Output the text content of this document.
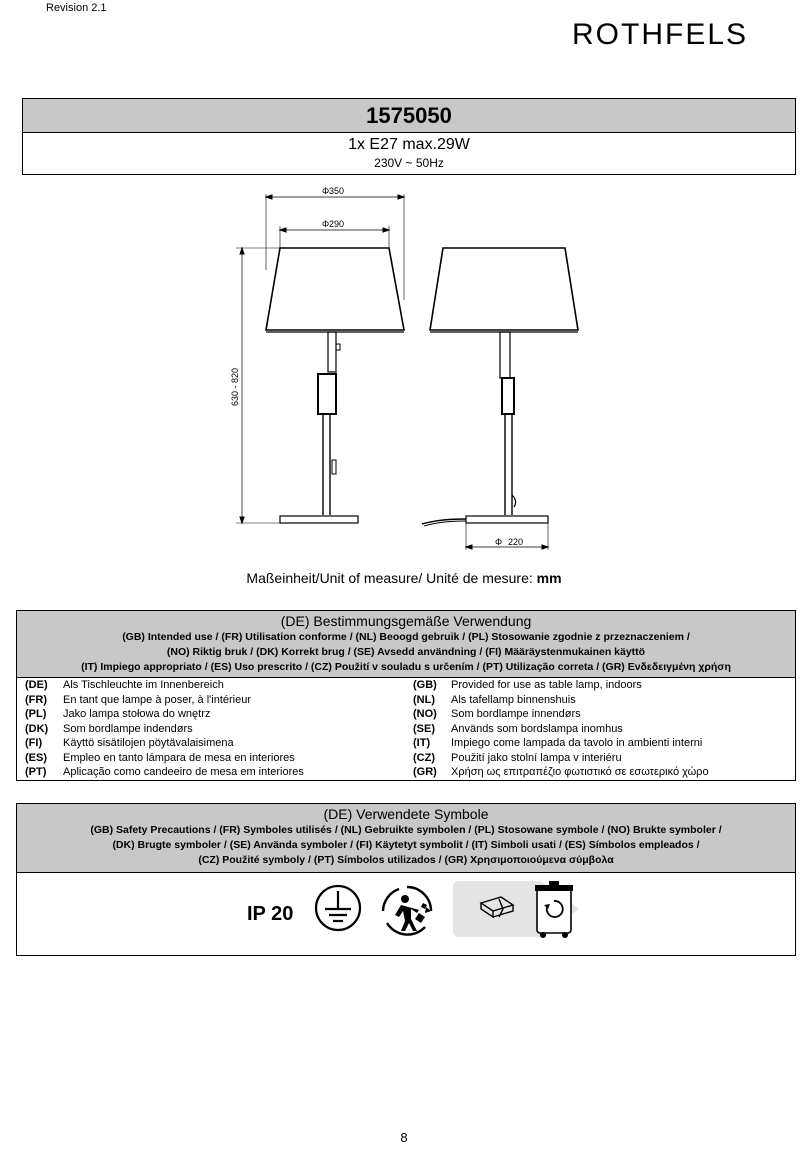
Revision 2.1
ROTHFELS
1575050
1x E27 max.29W
230V ~ 50Hz
Φ 350
Φ 290
630 - 820
Φ 220
Maßeinheit/Unit of measure/ Unité de mesure: mm
(DE) Bestimmungsgemäße Verwendung
(GB) Intended use / (FR) Utilisation conforme / (NL) Beoogd gebruik / (PL) Stosowanie zgodnie z przeznaczeniem /
(NO) Riktig bruk / (DK) Korrekt brug / (SE) Avsedd användning / (FI) Määräystenmukainen käyttö
(IT) Impiego appropriato / (ES) Uso prescrito / (CZ) Použití v souladu s určením / (PT) Utilização correta / (GR) Ενδεδειγμένη χρήση
(DE)	Als Tischleuchte im Innenbereich	(GB)	Provided for use as table lamp, indoors
(FR)	En tant que lampe à poser, à l'intérieur	(NL)	Als tafellamp binnenshuis
(PL)	Jako lampa stołowa do wnętrz	(NO)	Som bordlampe innendørs
(DK)	Som bordlampe indendørs	(SE)	Används som bordslampa inomhus
(FI)	Käyttö sisätilojen pöytävalaisimena	(IT)	Impiego come lampada da tavolo in ambienti interni
(ES)	Empleo en tanto lámpara de mesa en interiores	(CZ)	Použití jako stolní lampa v interiéru
(PT)	Aplicação como candeeiro de mesa em interiores	(GR)	Χρήση ως επιτραπέζιο φωτιστικό σε εσωτερικό χώρο
(DE) Verwendete Symbole
(GB) Safety Precautions / (FR) Symboles utilisés / (NL) Gebruikte symbolen / (PL) Stosowane symbole / (NO) Brukte symboler /
(DK) Brugte symboler / (SE) Använda symboler / (FI) Käytetyt symbolit / (IT) Simboli usati / (ES) Símbolos empleados /
(CZ) Použité symboly / (PT) Símbolos utilizados / (GR) Χρησιμοποιούμενα σύμβολα
IP 20
8
